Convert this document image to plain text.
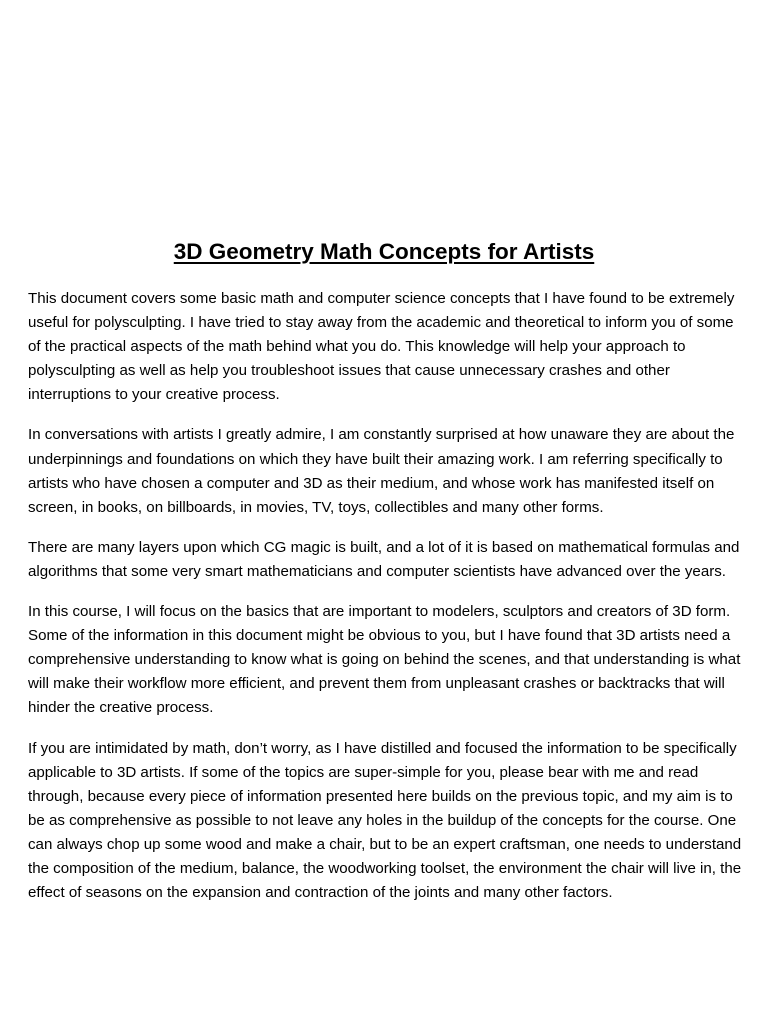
3D Geometry Math Concepts for Artists

This document covers some basic math and computer science concepts that I have found to be extremely useful for polysculpting. I have tried to stay away from the academic and theoretical to inform you of some of the practical aspects of the math behind what you do. This knowledge will help your approach to polysculpting as well as help you troubleshoot issues that cause unnecessary crashes and other interruptions to your creative process.

In conversations with artists I greatly admire, I am constantly surprised at how unaware they are about the underpinnings and foundations on which they have built their amazing work. I am referring specifically to artists who have chosen a computer and 3D as their medium, and whose work has manifested itself on screen, in books, on billboards, in movies, TV, toys, collectibles and many other forms.

There are many layers upon which CG magic is built, and a lot of it is based on mathematical formulas and algorithms that some very smart mathematicians and computer scientists have advanced over the years.

In this course, I will focus on the basics that are important to modelers, sculptors and creators of 3D form. Some of the information in this document might be obvious to you, but I have found that 3D artists need a comprehensive understanding to know what is going on behind the scenes, and that understanding is what will make their workflow more efficient, and prevent them from unpleasant crashes or backtracks that will hinder the creative process.

If you are intimidated by math, don’t worry, as I have distilled and focused the information to be specifically applicable to 3D artists. If some of the topics are super-simple for you, please bear with me and read through, because every piece of information presented here builds on the previous topic, and my aim is to be as comprehensive as possible to not leave any holes in the buildup of the concepts for the course. One can always chop up some wood and make a chair, but to be an expert craftsman, one needs to understand the composition of the medium, balance, the woodworking toolset, the environment the chair will live in, the effect of seasons on the expansion and contraction of the joints and many other factors.
